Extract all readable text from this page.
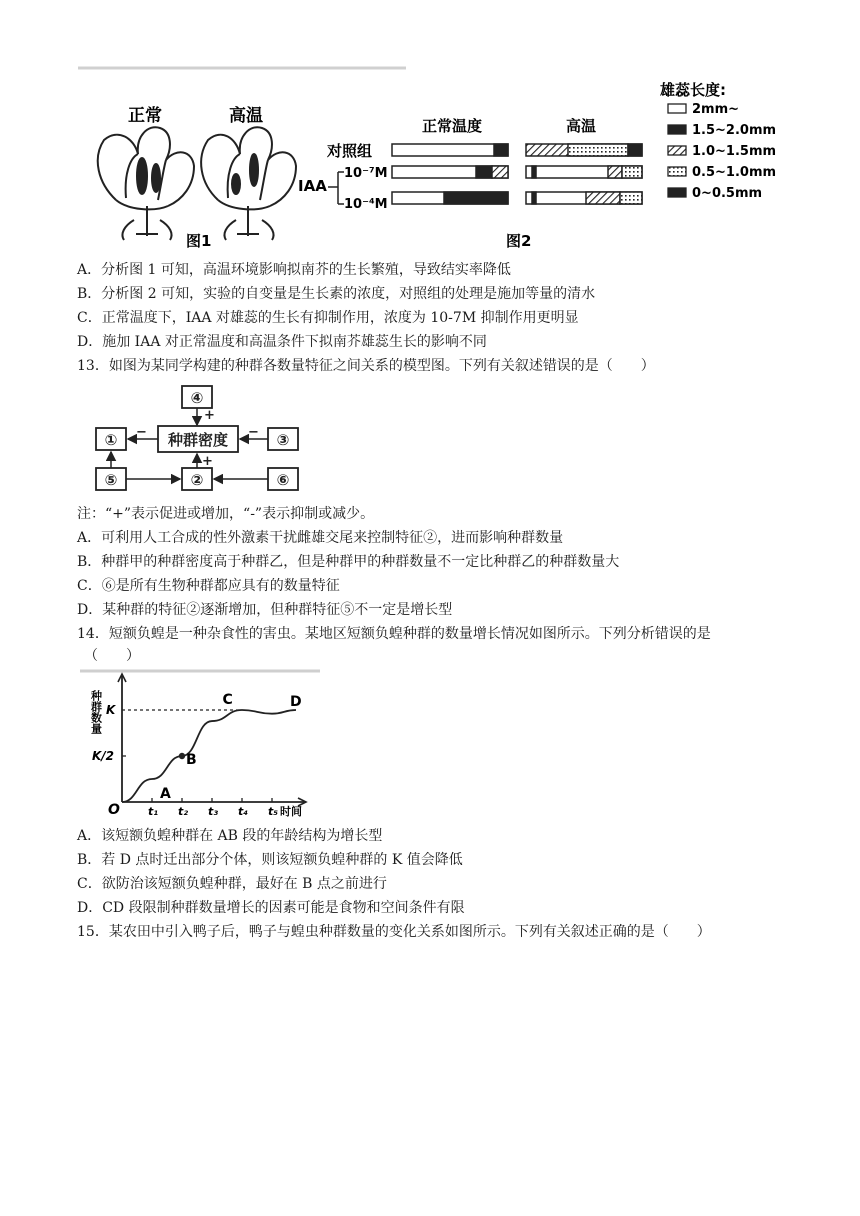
正常	高温
图1
正常温度	高温
对照组
IAA
10⁻⁷M
10⁻⁴M
图2
雄蕊长度:
2mm~
1.5~2.0mm
1.0~1.5mm
0.5~1.0mm
0~0.5mm
A．分析图 1 可知，高温环境影响拟南芥的生长繁殖，导致结实率降低
B．分析图 2 可知，实验的自变量是生长素的浓度，对照组的处理是施加等量的清水
C．正常温度下，IAA 对雄蕊的生长有抑制作用，浓度为 10-7M 抑制作用更明显
D．施加 IAA 对正常温度和高温条件下拟南芥雄蕊生长的影响不同
13．如图为某同学构建的种群各数量特征之间关系的模型图。下列有关叙述错误的是（　　）
④
①	种群密度	③
⑤	②	⑥
+
−	−
+
注：“+”表示促进或增加，“-”表示抑制或减少。
A．可利用人工合成的性外激素干扰雌雄交尾来控制特征②，进而影响种群数量
B．种群甲的种群密度高于种群乙，但是种群甲的种群数量不一定比种群乙的种群数量大
C．⑥是所有生物种群都应具有的数量特征
D．某种群的特征②逐渐增加，但种群特征⑤不一定是增长型
14．短额负蝗是一种杂食性的害虫。某地区短额负蝗种群的数量增长情况如图所示。下列分析错误的是
（　　）
t₁ t₂ t₃ t₄ t₅
K
K/2
O	时间
种群数量
A
B
C	D
A．该短额负蝗种群在 AB 段的年龄结构为增长型
B．若 D 点时迁出部分个体，则该短额负蝗种群的 K 值会降低
C．欲防治该短额负蝗种群，最好在 B 点之前进行
D．CD 段限制种群数量增长的因素可能是食物和空间条件有限
15．某农田中引入鸭子后，鸭子与蝗虫种群数量的变化关系如图所示。下列有关叙述正确的是（　　）
